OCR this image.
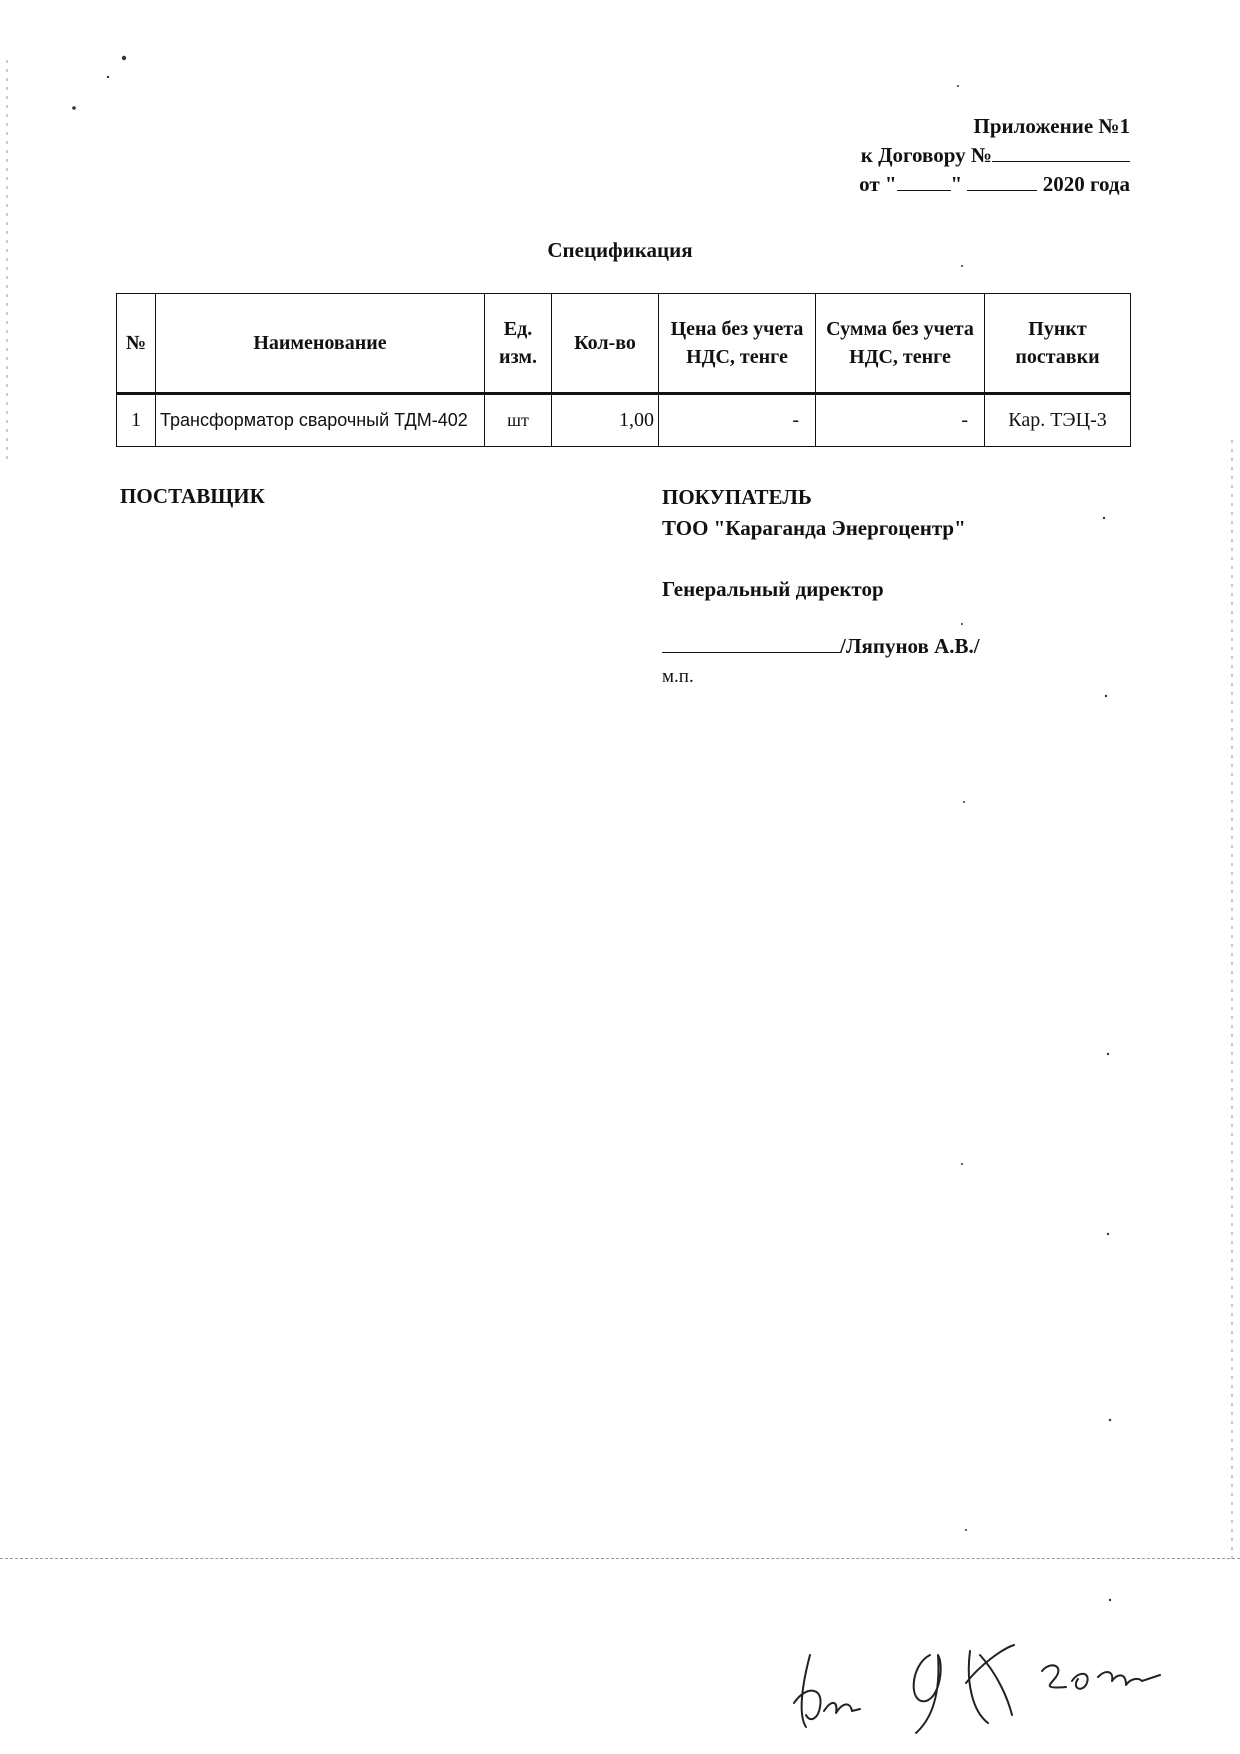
Приложение №1
к Договору №
от "	"	2020 года
Спецификация
№	Наименование	Ед. изм.	Кол-во	Цена без учета НДС, тенге	Сумма без учета НДС, тенге	Пункт поставки
1	Трансформатор сварочный ТДМ-402	шт	1,00	-	-	Кар. ТЭЦ-3
ПОСТАВЩИК	ПОКУПАТЕЛЬ
ТОО "Караганда Энергоцентр"
Генеральный директор
/Ляпунов А.В./
м.п.
20
